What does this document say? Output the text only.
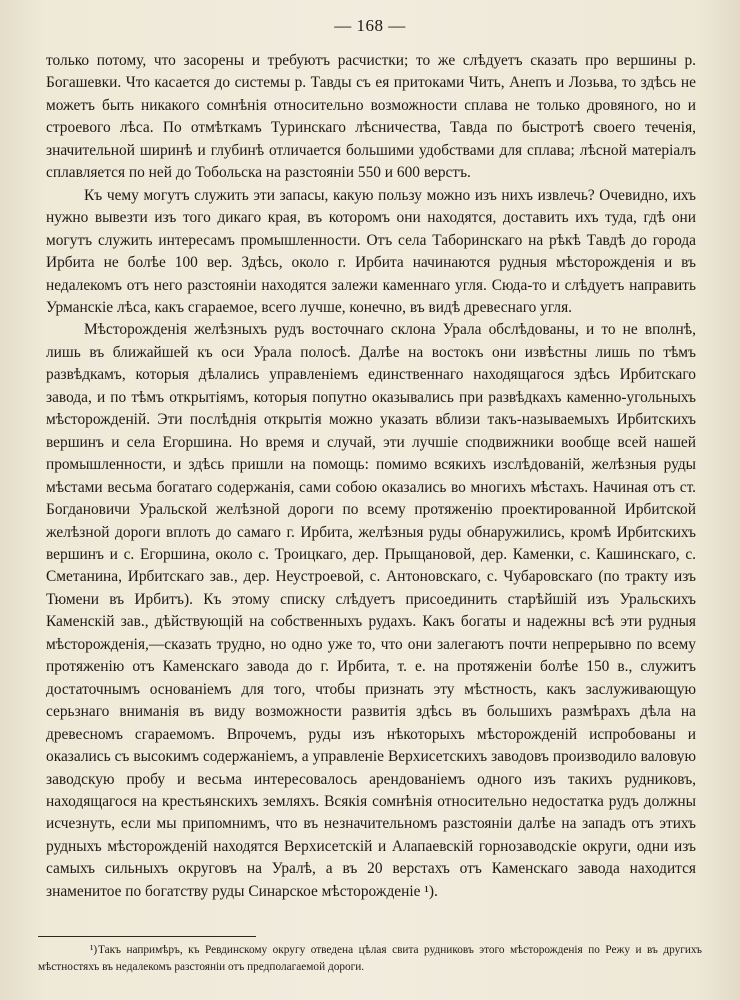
— 168 —

только потому, что засорены и требуютъ расчистки; то же слѣдуетъ сказать про вершины р. Богашевки. Что касается до системы р. Тавды съ ея притоками Чить, Анепъ и Лозьва, то здѣсь не можетъ быть никакого сомнѣнія относительно возможности сплава не только дровяного, но и строевого лѣса. По отмѣткамъ Туринскаго лѣсничества, Тавда по быстротѣ своего теченія, значительной ширинѣ и глубинѣ отличается большими удобствами для сплава; лѣсной матеріалъ сплавляется по ней до Тобольска на разстояніи 550 и 600 верстъ.

Къ чему могутъ служить эти запасы, какую пользу можно изъ нихъ извлечь? Очевидно, ихъ нужно вывезти изъ того дикаго края, въ которомъ они находятся, доставить ихъ туда, гдѣ они могутъ служить интересамъ промышленности. Отъ села Таборинскаго на рѣкѣ Тавдѣ до города Ирбита не болѣе 100 вер. Здѣсь, около г. Ирбита начинаются рудныя мѣсторожденія и въ недалекомъ отъ него разстояніи находятся залежи каменнаго угля. Сюда-то и слѣдуетъ направить Урманскіе лѣса, какъ сгараемое, всего лучше, конечно, въ видѣ древеснаго угля.

Мѣсторожденія желѣзныхъ рудъ восточнаго склона Урала обслѣдованы, и то не вполнѣ, лишь въ ближайшей къ оси Урала полосѣ. Далѣе на востокъ они извѣстны лишь по тѣмъ развѣдкамъ, которыя дѣлались управленіемъ единственнаго находящагося здѣсь Ирбитскаго завода, и по тѣмъ открытіямъ, которыя попутно оказывались при развѣдкахъ каменно-угольныхъ мѣсторожденій. Эти послѣднія открытія можно указать вблизи такъ-называемыхъ Ирбитскихъ вершинъ и села Егоршина. Но время и случай, эти лучшіе сподвижники вообще всей нашей промышленности, и здѣсь пришли на помощь: помимо всякихъ изслѣдованій, желѣзныя руды мѣстами весьма богатаго содержанія, сами собою оказались во многихъ мѣстахъ. Начиная отъ ст. Богдановичи Уральской желѣзной дороги по всему протяженію проектированной Ирбитской желѣзной дороги вплоть до самаго г. Ирбита, желѣзныя руды обнаружились, кромѣ Ирбитскихъ вершинъ и с. Егоршина, около с. Троицкаго, дер. Прыщановой, дер. Каменки, с. Кашинскаго, с. Сметанина, Ирбитскаго зав., дер. Неустроевой, с. Антоновскаго, с. Чубаровскаго (по тракту изъ Тюмени въ Ирбитъ). Къ этому списку слѣдуетъ присоединить старѣйшій изъ Уральскихъ Каменскій зав., дѣйствующій на собственныхъ рудахъ. Какъ богаты и надежны всѣ эти рудныя мѣсторожденія,—сказать трудно, но одно уже то, что они залегаютъ почти непрерывно по всему протяженію отъ Каменскаго завода до г. Ирбита, т. е. на протяженіи болѣе 150 в., служитъ достаточнымъ основаніемъ для того, чтобы признать эту мѣстность, какъ заслуживающую серьзнаго вниманія въ виду возможности развитія здѣсь въ большихъ размѣрахъ дѣла на древесномъ сгараемомъ. Впрочемъ, руды изъ нѣкоторыхъ мѣсторожденій испробованы и оказались съ высокимъ содержаніемъ, а управленіе Верхисетскихъ заводовъ производило валовую заводскую пробу и весьма интересовалось арендованіемъ одного изъ такихъ рудниковъ, находящагося на крестьянскихъ земляхъ. Всякія сомнѣнія относительно недостатка рудъ должны исчезнуть, если мы припомнимъ, что въ незначительномъ разстояніи далѣе на западъ отъ этихъ рудныхъ мѣсторожденій находятся Верхисетскій и Алапаевскій горнозаводскіе округи, одни изъ самыхъ сильныхъ округовъ на Уралѣ, а въ 20 верстахъ отъ Каменскаго завода находится знаменитое по богатству руды Синарское мѣсторожденіе ¹).

¹)Такъ напримѣръ, къ Ревдинскому округу отведена цѣлая свита рудниковъ этого мѣсторожденія по Режу и въ другихъ мѣстностяхъ въ недалекомъ разстояніи отъ предполагаемой дороги.
